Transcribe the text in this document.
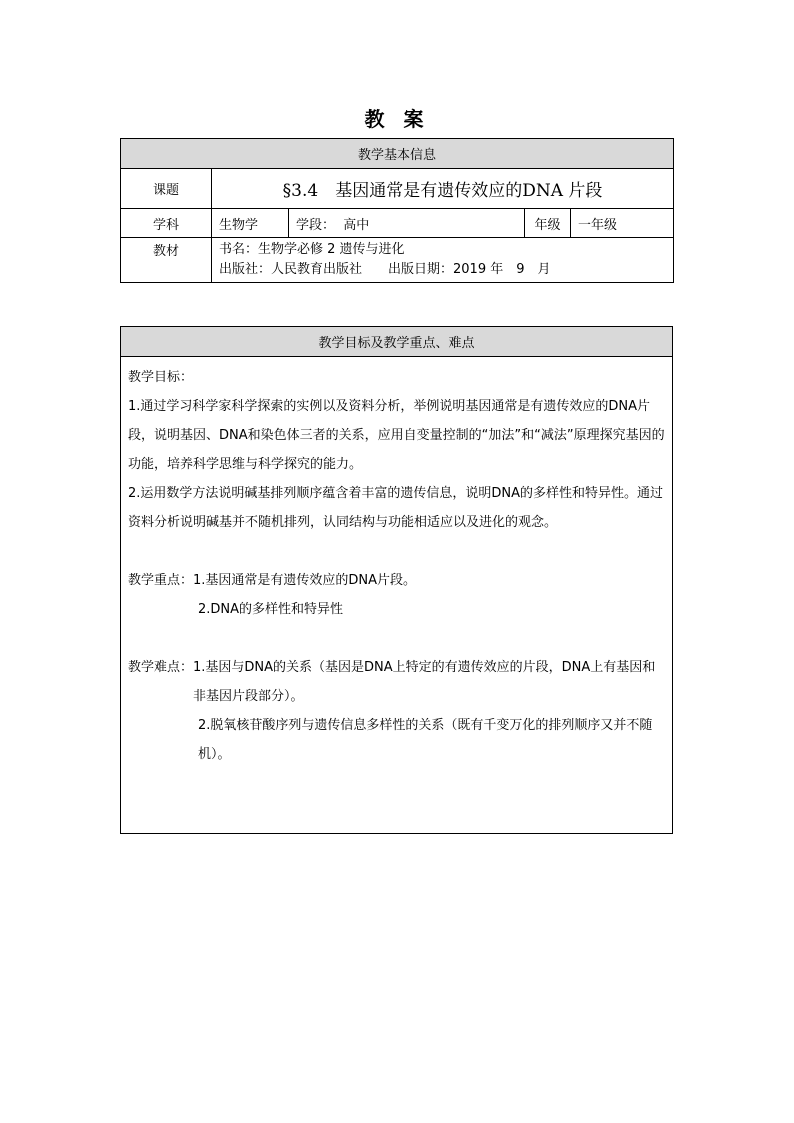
教 案
教学基本信息				
课题	§3.4　基因通常是有遗传效应的DNA 片段			
学科	生物学	学段： 高中	年级	一年级
教材	书名：生物学必修 2 遗传与进化
出版社：人民教育出版社　　出版日期：2019 年　9　月			
教学目标及教学重点、难点

教学目标：

1.通过学习科学家科学探索的实例以及资料分析，举例说明基因通常是有遗传效应的DNA片段，说明基因、DNA和染色体三者的关系，应用自变量控制的“加法”和“减法”原理探究基因的功能，培养科学思维与科学探究的能力。

2.运用数学方法说明碱基排列顺序蕴含着丰富的遗传信息，说明DNA的多样性和特异性。通过资料分析说明碱基并不随机排列，认同结构与功能相适应以及进化的观念。

教学重点： 1.基因通常是有遗传效应的DNA片段。

2.DNA的多样性和特异性

教学难点： 1.基因与DNA的关系（基因是DNA上特定的有遗传效应的片段，DNA上有基因和非基因片段部分）。

2.脱氧核苷酸序列与遗传信息多样性的关系（既有千变万化的排列顺序又并不随机）。
